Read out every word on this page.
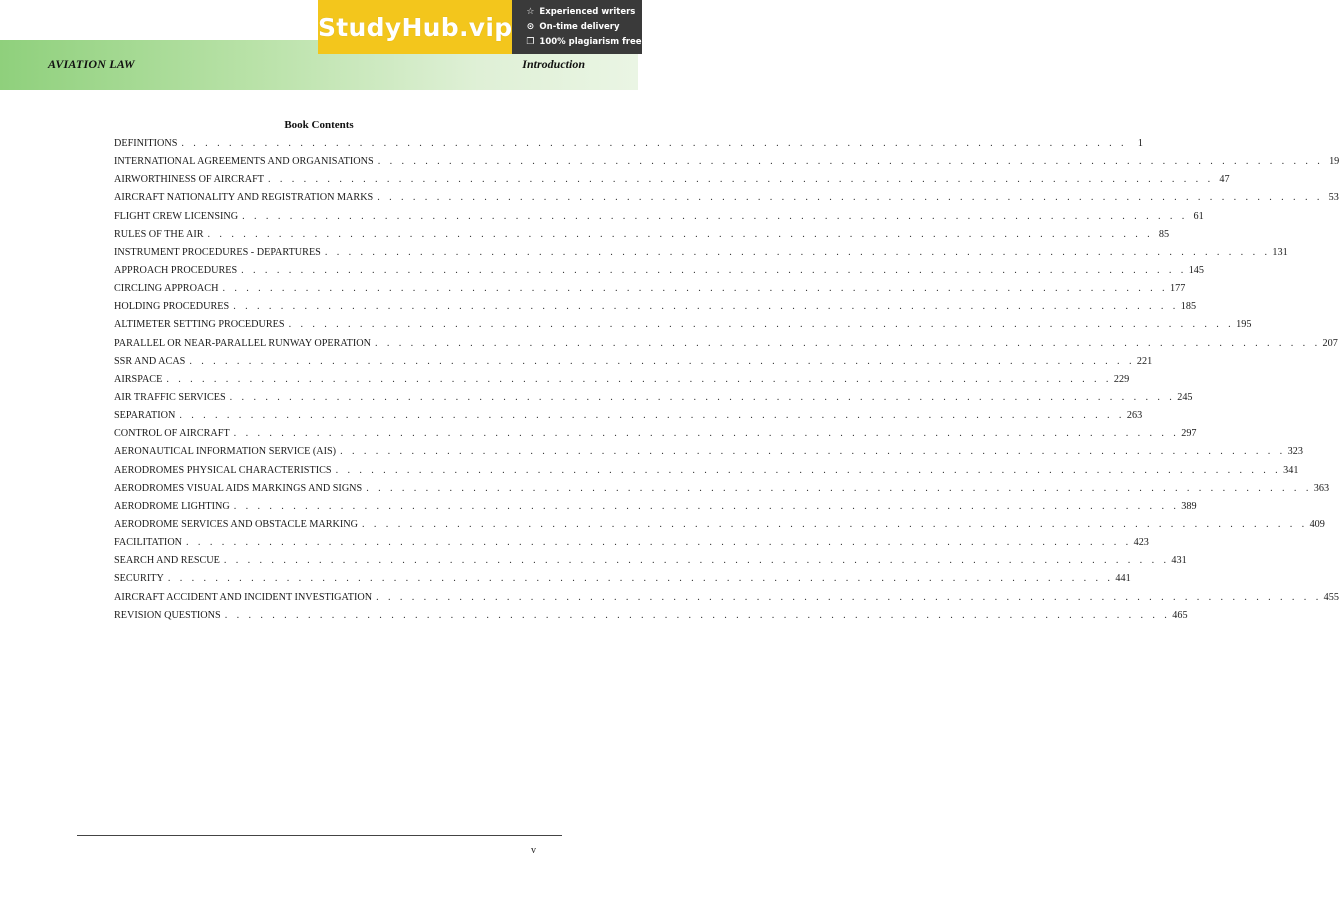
AVIATION LAW	Introduction
StudyHub.vip
☆ Experienced writers
⊙ On-time delivery
❐ 100% plagiarism free
Book Contents
DEFINITIONS . . . . . . . . . . . . . . . . . . . . . . . . . . . . . . . . . . . . . . . . . . . . . . . . . . . . . . . . . . . . . . . . . . . . . . . . . . . . . . . .	1
INTERNATIONAL AGREEMENTS AND ORGANISATIONS . . . . . . . . . . . . . . . . . . . . . . . . . . . . . . . . . . . . . . . . . . . . . . . . . . . . . . . . . . . . . . . . . . . . . . . . . . . . . . . . 19
AIRWORTHINESS OF AIRCRAFT . . . . . . . . . . . . . . . . . . . . . . . . . . . . . . . . . . . . . . . . . . . . . . . . . . . . . . . . . . . . . . . . . . . . . . . . . . . . . . . . 47
AIRCRAFT NATIONALITY AND REGISTRATION MARKS . . . . . . . . . . . . . . . . . . . . . . . . . . . . . . . . . . . . . . . . . . . . . . . . . . . . . . . . . . . . . . . . . . . . . . . . . . . . . . . . 53
FLIGHT CREW LICENSING . . . . . . . . . . . . . . . . . . . . . . . . . . . . . . . . . . . . . . . . . . . . . . . . . . . . . . . . . . . . . . . . . . . . . . . . . . . . . . . . 61
RULES OF THE AIR . . . . . . . . . . . . . . . . . . . . . . . . . . . . . . . . . . . . . . . . . . . . . . . . . . . . . . . . . . . . . . . . . . . . . . . . . . . . . . . . 85
INSTRUMENT PROCEDURES - DEPARTURES . . . . . . . . . . . . . . . . . . . . . . . . . . . . . . . . . . . . . . . . . . . . . . . . . . . . . . . . . . . . . . . . . . . . . . . . . . . . . . . . 131
APPROACH PROCEDURES . . . . . . . . . . . . . . . . . . . . . . . . . . . . . . . . . . . . . . . . . . . . . . . . . . . . . . . . . . . . . . . . . . . . . . . . . . . . . . . . 145
CIRCLING APPROACH . . . . . . . . . . . . . . . . . . . . . . . . . . . . . . . . . . . . . . . . . . . . . . . . . . . . . . . . . . . . . . . . . . . . . . . . . . . . . . . . 177
HOLDING PROCEDURES . . . . . . . . . . . . . . . . . . . . . . . . . . . . . . . . . . . . . . . . . . . . . . . . . . . . . . . . . . . . . . . . . . . . . . . . . . . . . . . . 185
ALTIMETER SETTING PROCEDURES . . . . . . . . . . . . . . . . . . . . . . . . . . . . . . . . . . . . . . . . . . . . . . . . . . . . . . . . . . . . . . . . . . . . . . . . . . . . . . . . 195
PARALLEL OR NEAR-PARALLEL RUNWAY OPERATION . . . . . . . . . . . . . . . . . . . . . . . . . . . . . . . . . . . . . . . . . . . . . . . . . . . . . . . . . . . . . . . . . . . . . . . . . . . . . . . . 207
SSR AND ACAS . . . . . . . . . . . . . . . . . . . . . . . . . . . . . . . . . . . . . . . . . . . . . . . . . . . . . . . . . . . . . . . . . . . . . . . . . . . . . . . . 221
AIRSPACE . . . . . . . . . . . . . . . . . . . . . . . . . . . . . . . . . . . . . . . . . . . . . . . . . . . . . . . . . . . . . . . . . . . . . . . . . . . . . . . . 229
AIR TRAFFIC SERVICES . . . . . . . . . . . . . . . . . . . . . . . . . . . . . . . . . . . . . . . . . . . . . . . . . . . . . . . . . . . . . . . . . . . . . . . . . . . . . . . . 245
SEPARATION . . . . . . . . . . . . . . . . . . . . . . . . . . . . . . . . . . . . . . . . . . . . . . . . . . . . . . . . . . . . . . . . . . . . . . . . . . . . . . . . 263
CONTROL OF AIRCRAFT . . . . . . . . . . . . . . . . . . . . . . . . . . . . . . . . . . . . . . . . . . . . . . . . . . . . . . . . . . . . . . . . . . . . . . . . . . . . . . . . 297
AERONAUTICAL INFORMATION SERVICE (AIS) . . . . . . . . . . . . . . . . . . . . . . . . . . . . . . . . . . . . . . . . . . . . . . . . . . . . . . . . . . . . . . . . . . . . . . . . . . . . . . . . 323
AERODROMES PHYSICAL CHARACTERISTICS . . . . . . . . . . . . . . . . . . . . . . . . . . . . . . . . . . . . . . . . . . . . . . . . . . . . . . . . . . . . . . . . . . . . . . . . . . . . . . . . 341
AERODROMES VISUAL AIDS MARKINGS AND SIGNS . . . . . . . . . . . . . . . . . . . . . . . . . . . . . . . . . . . . . . . . . . . . . . . . . . . . . . . . . . . . . . . . . . . . . . . . . . . . . . . . 363
AERODROME LIGHTING . . . . . . . . . . . . . . . . . . . . . . . . . . . . . . . . . . . . . . . . . . . . . . . . . . . . . . . . . . . . . . . . . . . . . . . . . . . . . . . . 389
AERODROME SERVICES AND OBSTACLE MARKING . . . . . . . . . . . . . . . . . . . . . . . . . . . . . . . . . . . . . . . . . . . . . . . . . . . . . . . . . . . . . . . . . . . . . . . . . . . . . . . . 409
FACILITATION . . . . . . . . . . . . . . . . . . . . . . . . . . . . . . . . . . . . . . . . . . . . . . . . . . . . . . . . . . . . . . . . . . . . . . . . . . . . . . . . 423
SEARCH AND RESCUE . . . . . . . . . . . . . . . . . . . . . . . . . . . . . . . . . . . . . . . . . . . . . . . . . . . . . . . . . . . . . . . . . . . . . . . . . . . . . . . . 431
SECURITY . . . . . . . . . . . . . . . . . . . . . . . . . . . . . . . . . . . . . . . . . . . . . . . . . . . . . . . . . . . . . . . . . . . . . . . . . . . . . . . . 441
AIRCRAFT ACCIDENT AND INCIDENT INVESTIGATION . . . . . . . . . . . . . . . . . . . . . . . . . . . . . . . . . . . . . . . . . . . . . . . . . . . . . . . . . . . . . . . . . . . . . . . . . . . . . . . . 455
REVISION QUESTIONS . . . . . . . . . . . . . . . . . . . . . . . . . . . . . . . . . . . . . . . . . . . . . . . . . . . . . . . . . . . . . . . . . . . . . . . . . . . . . . . . 465
v
